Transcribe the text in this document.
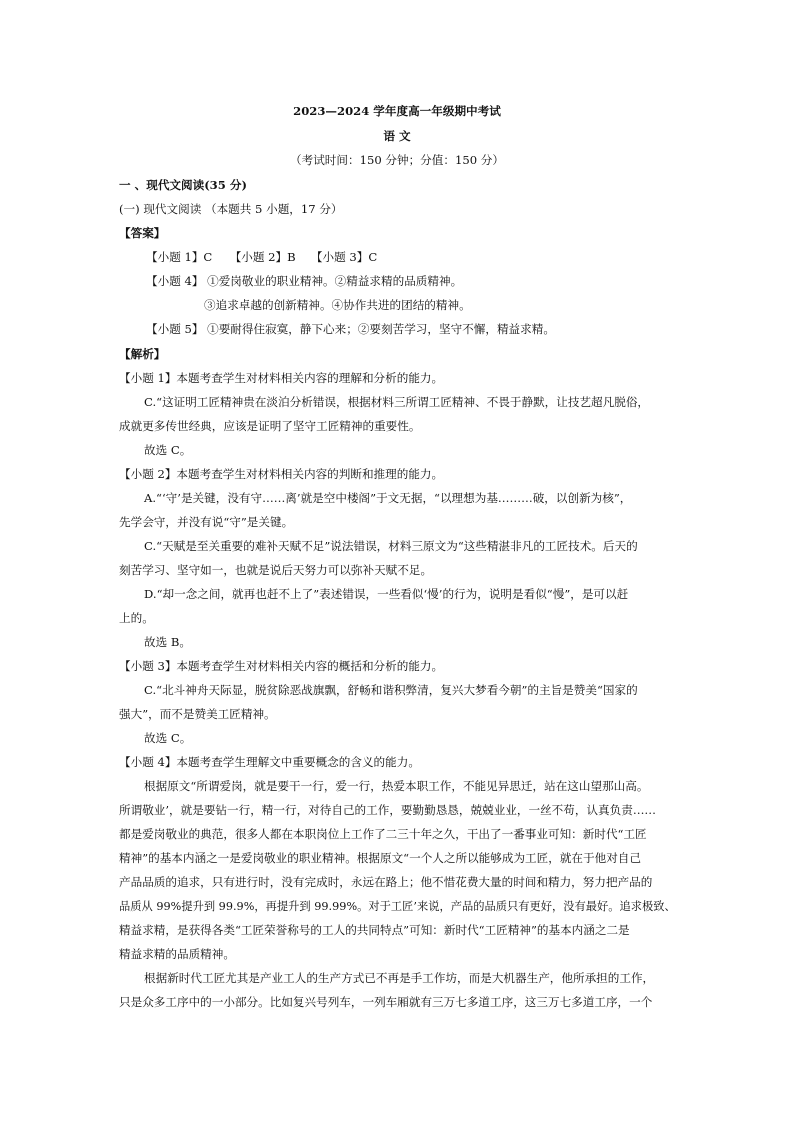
2023—2024 学年度高一年级期中考试
语 文
（考试时间：150 分钟；分值：150 分）
一 、现代文阅读(35 分)
(一) 现代文阅读 （本题共 5 小题，17 分）
【答案】
【小题 1】C　　【小题 2】B　 【小题 3】C
【小题 4】 ①爱岗敬业的职业精神。②精益求精的品质精神。
③追求卓越的创新精神。④协作共进的团结的精神。
【小题 5】 ①要耐得住寂寞，静下心来；②要刻苦学习，坚守不懈，精益求精。
【解析】
【小题 1】本题考查学生对材料相关内容的理解和分析的能力。
C.“这证明工匠精神贵在淡泊分析错误，根据材料三所谓工匠精神、不畏于静默，让技艺超凡脱俗，
成就更多传世经典，应该是证明了坚守工匠精神的重要性。
故选 C。
【小题 2】本题考查学生对材料相关内容的判断和推理的能力。
A.“‘守’是关键，没有守……离’就是空中楼阁”于文无据，“以理想为基………破，以创新为核”，
先学会守，并没有说“守”是关键。
C.“天赋是至关重要的难补天赋不足”说法错误，材料三原文为“这些精湛非凡的工匠技术。后天的
刻苦学习、坚守如一，也就是说后天努力可以弥补天赋不足。
D.“却一念之间，就再也赶不上了”表述错误，一些看似‘慢’的行为，说明是看似“慢”，是可以赶
上的。
故选 B。
【小题 3】本题考查学生对材料相关内容的概括和分析的能力。
C.“北斗神舟天际显，脱贫除恶战旗飘，舒畅和谐积弊清，复兴大梦看今朝”的主旨是赞美“国家的
强大”，而不是赞美工匠精神。
故选 C。
【小题 4】本题考查学生理解文中重要概念的含义的能力。
根据原文“所谓爱岗，就是要干一行，爱一行，热爱本职工作，不能见异思迁，站在这山望那山高。
所谓敬业’，就是要钻一行，精一行，对待自己的工作，要勤勤恳恳，兢兢业业，一丝不苟，认真负责……
都是爱岗敬业的典范，很多人都在本职岗位上工作了二三十年之久，干出了一番事业可知：新时代“工匠
精神”的基本内涵之一是爱岗敬业的职业精神。根据原文“一个人之所以能够成为工匠，就在于他对自己
产品品质的追求，只有进行时，没有完成时，永远在路上；他不惜花费大量的时间和精力，努力把产品的
品质从 99%提升到 99.9%，再提升到 99.99%。对于工匠’来说，产品的品质只有更好，没有最好。追求极致、
精益求精，是获得各类“工匠荣誉称号的工人的共同特点”可知：新时代“工匠精神”的基本内涵之二是
精益求精的品质精神。
根据新时代工匠尤其是产业工人的生产方式已不再是手工作坊，而是大机器生产，他所承担的工作，
只是众多工序中的一小部分。比如复兴号列车，一列车厢就有三万七多道工序，这三万七多道工序，一个
